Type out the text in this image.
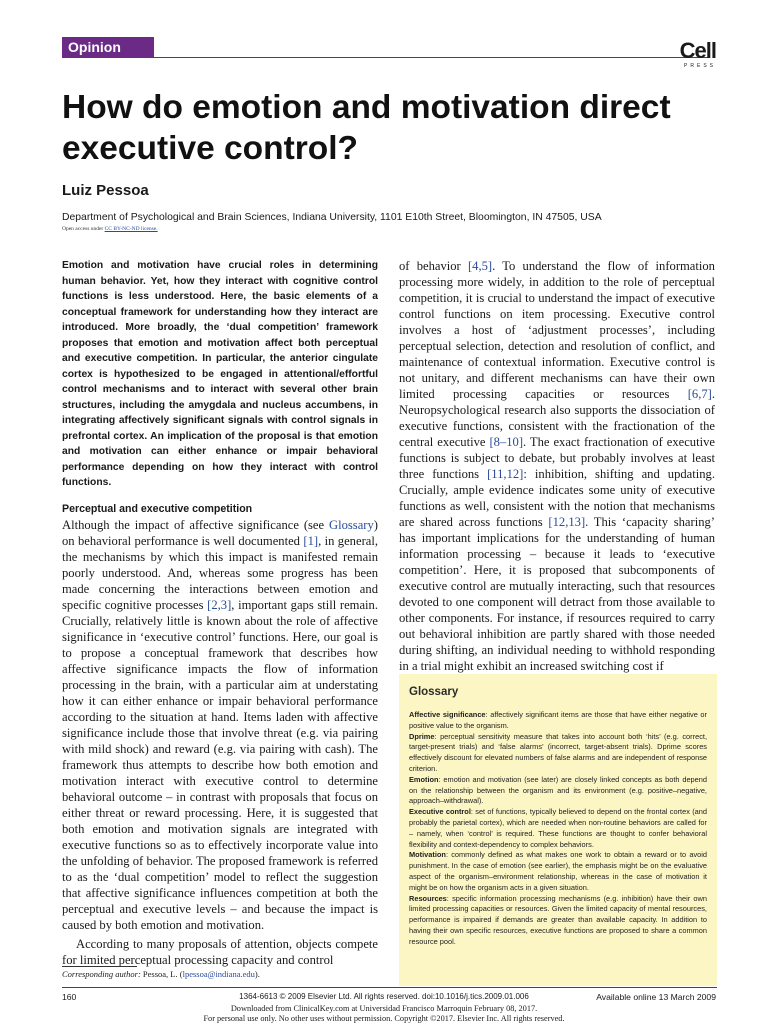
Opinion	Cell
PRESS
How do emotion and motivation direct executive control?
Luiz Pessoa
Department of Psychological and Brain Sciences, Indiana University, 1101 E10th Street, Bloomington, IN 47505, USA
Open access under CC BY-NC-ND license.

Emotion and motivation have crucial roles in determining human behavior. Yet, how they interact with cognitive control functions is less understood. Here, the basic elements of a conceptual framework for understanding how they interact are introduced. More broadly, the ‘dual competition’ framework proposes that emotion and motivation affect both perceptual and executive competition. In particular, the anterior cingulate cortex is hypothesized to be engaged in attentional/effortful control mechanisms and to interact with several other brain structures, including the amygdala and nucleus accumbens, in integrating affectively significant signals with control signals in prefrontal cortex. An implication of the proposal is that emotion and motivation can either enhance or impair behavioral performance depending on how they interact with control functions.

Perceptual and executive competition

Although the impact of affective significance (see Glossary) on behavioral performance is well documented [1], in general, the mechanisms by which this impact is manifested remain poorly understood. And, whereas some progress has been made concerning the interactions between emotion and specific cognitive processes [2,3], important gaps still remain. Crucially, relatively little is known about the role of affective significance in ‘executive control’ functions. Here, our goal is to propose a conceptual framework that describes how affective significance impacts the flow of information processing in the brain, with a particular aim at understating how it can either enhance or impair behavioral performance according to the situation at hand. Items laden with affective significance include those that involve threat (e.g. via pairing with mild shock) and reward (e.g. via pairing with cash). The framework thus attempts to describe how both emotion and motivation interact with executive control to determine behavioral outcome – in contrast with proposals that focus on either threat or reward processing. Here, it is suggested that both emotion and motivation signals are integrated with executive functions so as to effectively incorporate value into the unfolding of behavior. The proposed framework is referred to as the ‘dual competition’ model to reflect the suggestion that affective significance influences competition at both the perceptual and executive levels – and because the impact is caused by both emotion and motivation.

According to many proposals of attention, objects compete for limited perceptual processing capacity and control

of behavior [4,5]. To understand the flow of information processing more widely, in addition to the role of perceptual competition, it is crucial to understand the impact of executive control functions on item processing. Executive control involves a host of ‘adjustment processes’, including perceptual selection, detection and resolution of conflict, and maintenance of contextual information. Executive control is not unitary, and different mechanisms can have their own limited processing capacities or resources [6,7]. Neuropsychological research also supports the dissociation of executive functions, consistent with the fractionation of the central executive [8–10]. The exact fractionation of executive functions is subject to debate, but probably involves at least three functions [11,12]: inhibition, shifting and updating. Crucially, ample evidence indicates some unity of executive functions as well, consistent with the notion that mechanisms are shared across functions [12,13]. This ‘capacity sharing’ has important implications for the understanding of human information processing – because it leads to ‘executive competition’. Here, it is proposed that subcomponents of executive control are mutually interacting, such that resources devoted to one component will detract from those available to other components. For instance, if resources required to carry out behavioral inhibition are partly shared with those needed during shifting, an individual needing to withhold responding in a trial might exhibit an increased switching cost if

Glossary

Affective significance: affectively significant items are those that have either negative or positive value to the organism.

Dprime: perceptual sensitivity measure that takes into account both ‘hits’ (e.g. correct, target-present trials) and ‘false alarms’ (incorrect, target-absent trials). Dprime scores effectively discount for elevated numbers of false alarms and are independent of response criterion.

Emotion: emotion and motivation (see later) are closely linked concepts as both depend on the relationship between the organism and its environment (e.g. positive–negative, approach–withdrawal).

Executive control: set of functions, typically believed to depend on the frontal cortex (and probably the parietal cortex), which are needed when non-routine behaviors are called for – namely, when ‘control’ is required. These functions are thought to confer behavioral flexibility and context-dependency to complex behaviors.

Motivation: commonly defined as what makes one work to obtain a reward or to avoid punishment. In the case of emotion (see earlier), the emphasis might be on the evaluative aspect of the organism–environment relationship, whereas in the case of motivation it might be on how the organism acts in a given situation.

Resources: specific information processing mechanisms (e.g. inhibition) have their own limited processing capacities or resources. Given the limited capacity of mental resources, performance is impaired if demands are greater than available capacity. In addition to having their own specific resources, executive functions are proposed to share a common resource pool.

Corresponding author: Pessoa, L. (lpessoa@indiana.edu).
1364-6613 © 2009 Elsevier Ltd. All rights reserved. doi:10.1016/j.tics.2009.01.006
160	Available online 13 March 2009
Downloaded from ClinicalKey.com at Universidad Francisco Marroquin February 08, 2017.
For personal use only. No other uses without permission. Copyright ©2017. Elsevier Inc. All rights reserved.
